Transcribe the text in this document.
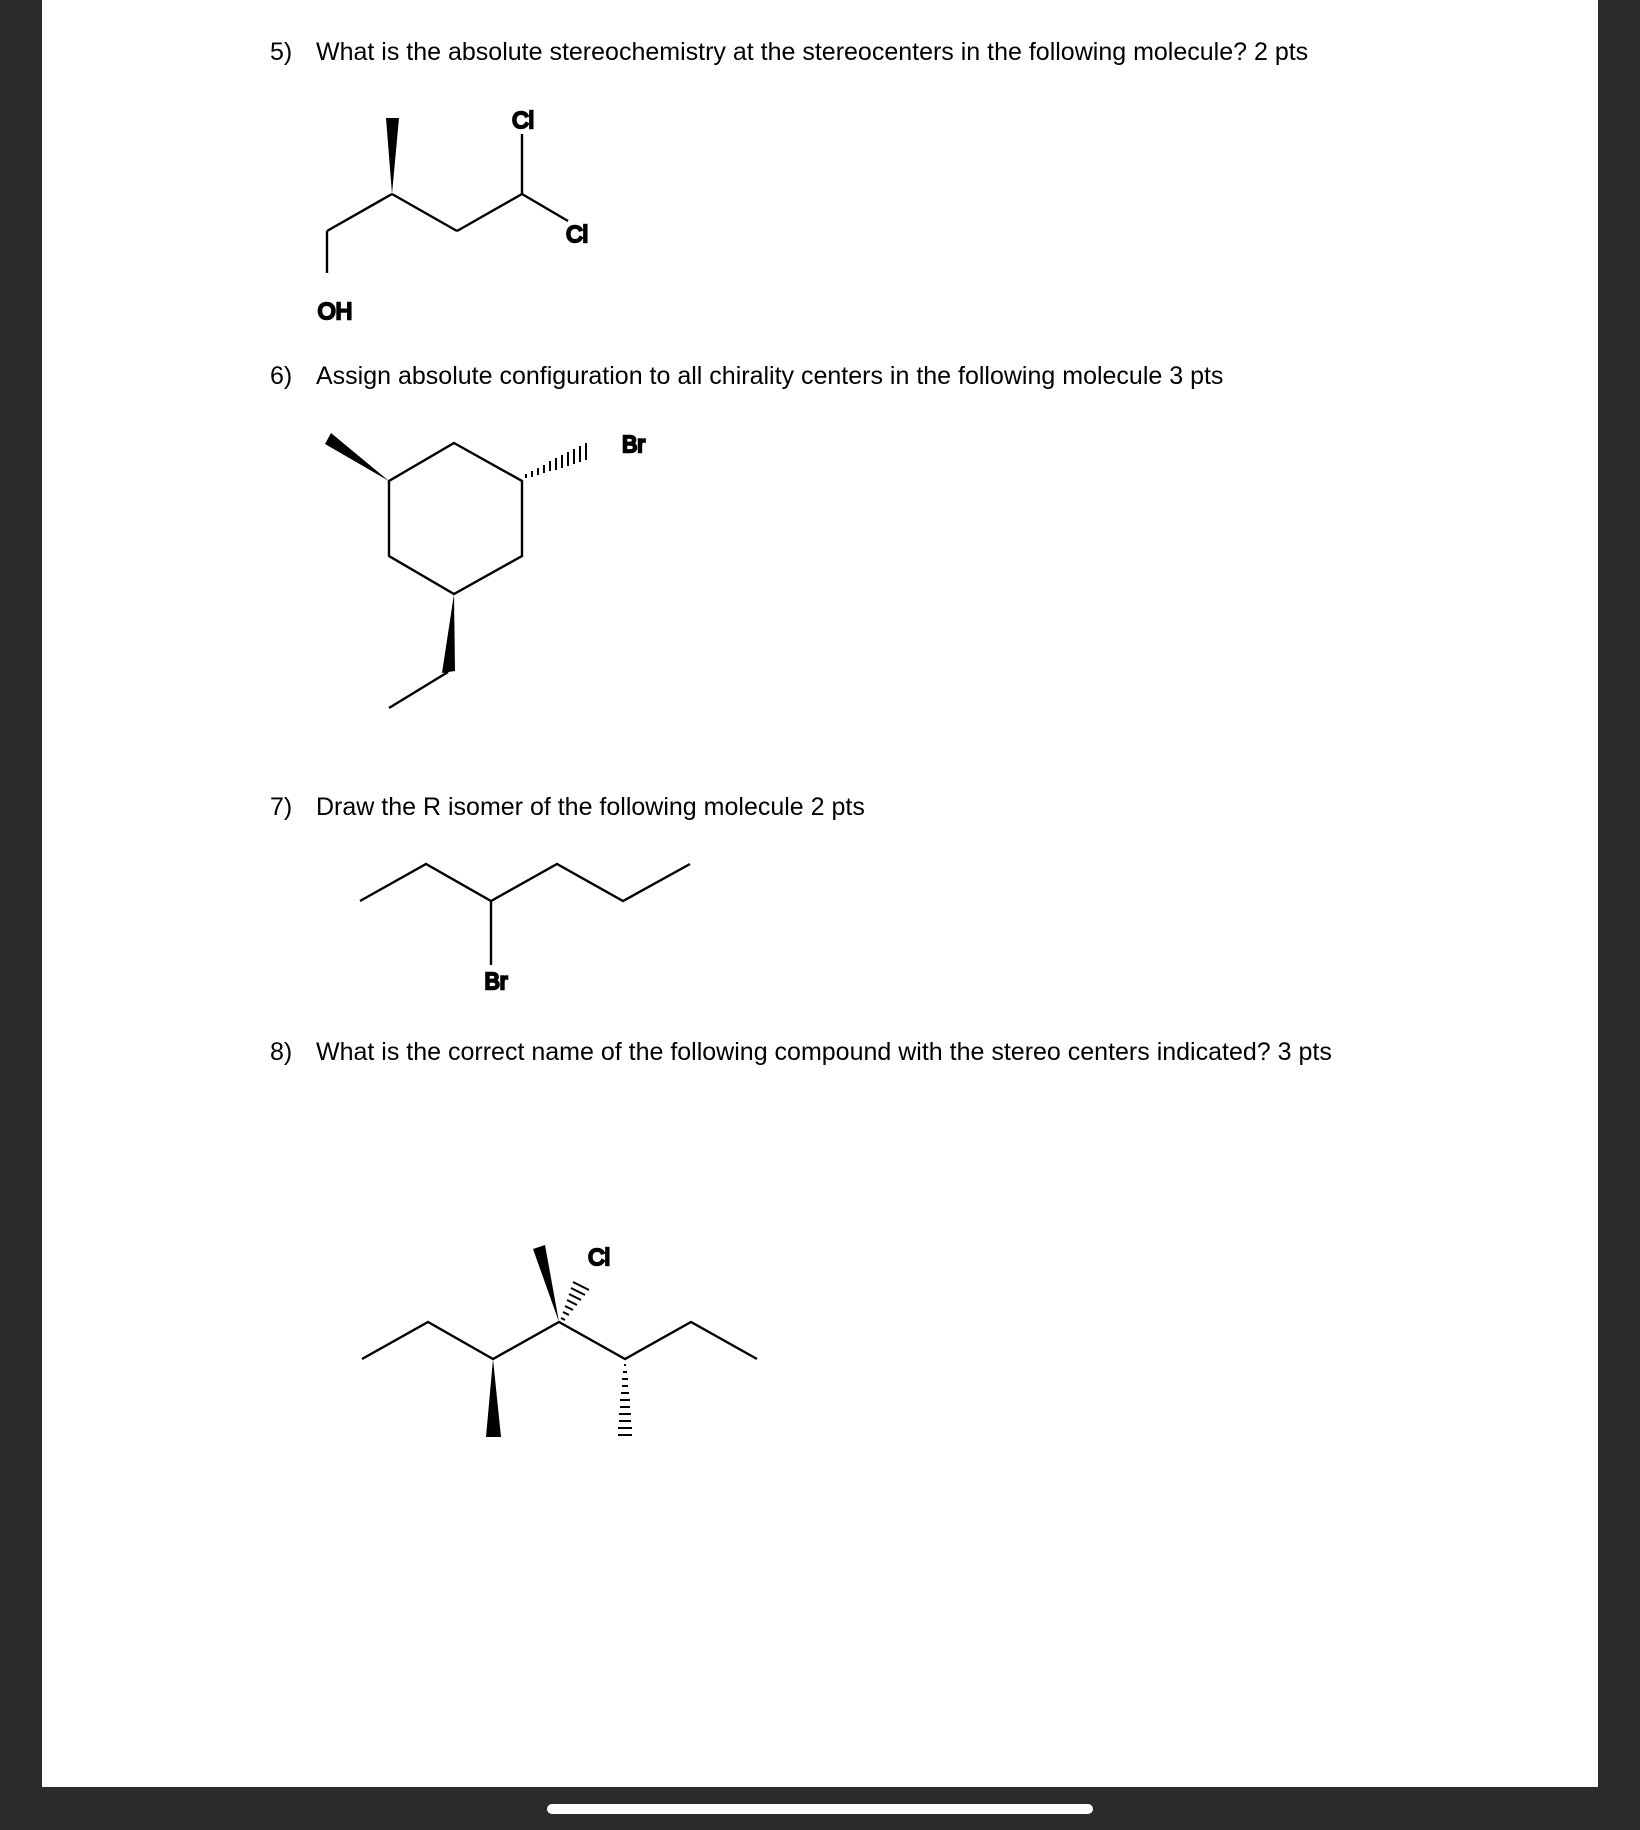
5) What is the absolute stereochemistry at the stereocenters in the following molecule? 2 pts
Cl
Cl
OH
Br
Br
Cl
6) Assign absolute configuration to all chirality centers in the following molecule 3 pts
7) Draw the R isomer of the following molecule 2 pts
8) What is the correct name of the following compound with the stereo centers indicated? 3 pts
